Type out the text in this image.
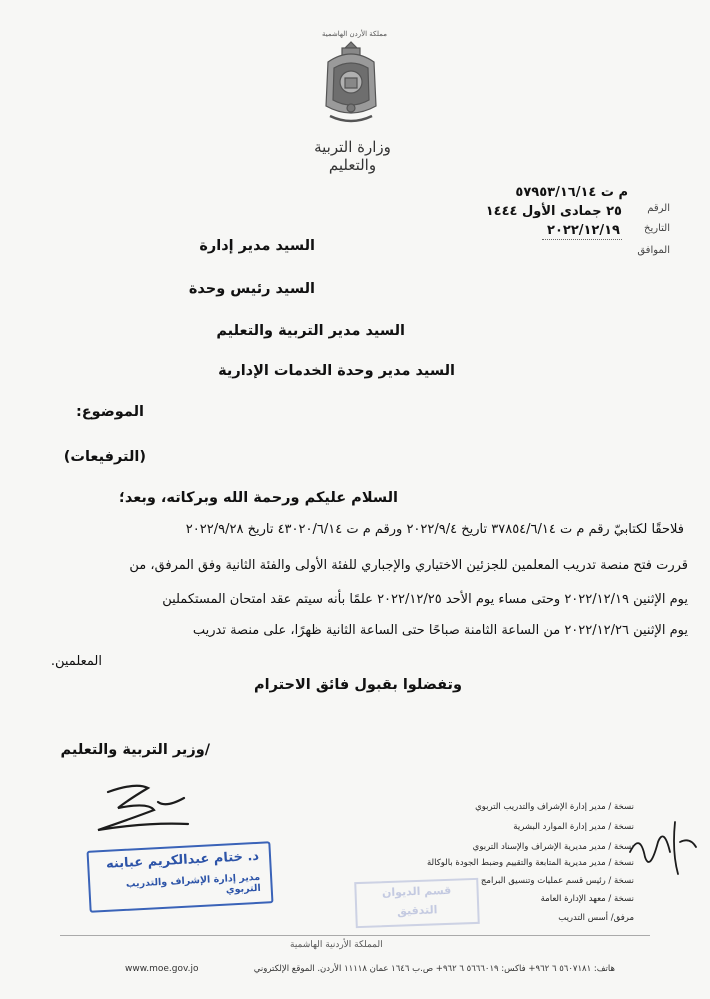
مملكة الأردن الهاشمية
وزارة التربية والتعليم
الرقم
م ت ٥٧٩٥٣/١٦/١٤
٢٥ جمادى الأول ١٤٤٤
التاريخ
٢٠٢٢/١٢/١٩
الموافق
السيد مدير إدارة
السيد رئيس وحدة
السيد مدير التربية والتعليم
السيد مدير وحدة الخدمات الإدارية
الموضوع:
(الترفيعات)
السلام عليكم ورحمة الله وبركاته، وبعد؛
فلاحقًا لكتابيّ رقم م ت ٣٧٨٥٤/٦/١٤ تاريخ ٢٠٢٢/٩/٤ ورقم م ت ٤٣٠٢٠/٦/١٤ تاريخ ٢٠٢٢/٩/٢٨
قررت فتح منصة تدريب المعلمين للجزئين الاختياري والإجباري للفئة الأولى والفئة الثانية وفق المرفق، من
يوم الإثنين ٢٠٢٢/١٢/١٩ وحتى مساء يوم الأحد ٢٠٢٢/١٢/٢٥ علمًا بأنه سيتم عقد امتحان المستكملين
يوم الإثنين ٢٠٢٢/١٢/٢٦ من الساعة الثامنة صباحًا حتى الساعة الثانية ظهرًا، على منصة تدريب
المعلمين.
وتفضلوا بقبول فائق الاحترام
/وزير التربية والتعليم
د. ختام عبدالكريم عبابنه
مدير إدارة الإشراف والتدريب التربوي	قسم الديوان
التدقيق
نسخة / مدير إدارة الإشراف والتدريب التربوي
نسخة / مدير إدارة الموارد البشرية
نسخة / مدير مديرية الإشراف والإسناد التربوي
نسخة / مدير مديرية المتابعة والتقييم وضبط الجودة بالوكالة
نسخة / رئيس قسم عمليات وتنسيق البرامج
نسخة / معهد الإدارة العامة
مرفق/ أسس التدريب
المملكة الأردنية الهاشمية
هاتف: ٥٦٠٧١٨١ ٦ ٩٦٢+ فاكس: ٥٦٦٦٠١٩ ٦ ٩٦٢+ ص.ب ١٦٤٦ عمان ١١١١٨ الأردن. الموقع الإلكتروني
www.moe.gov.jo
